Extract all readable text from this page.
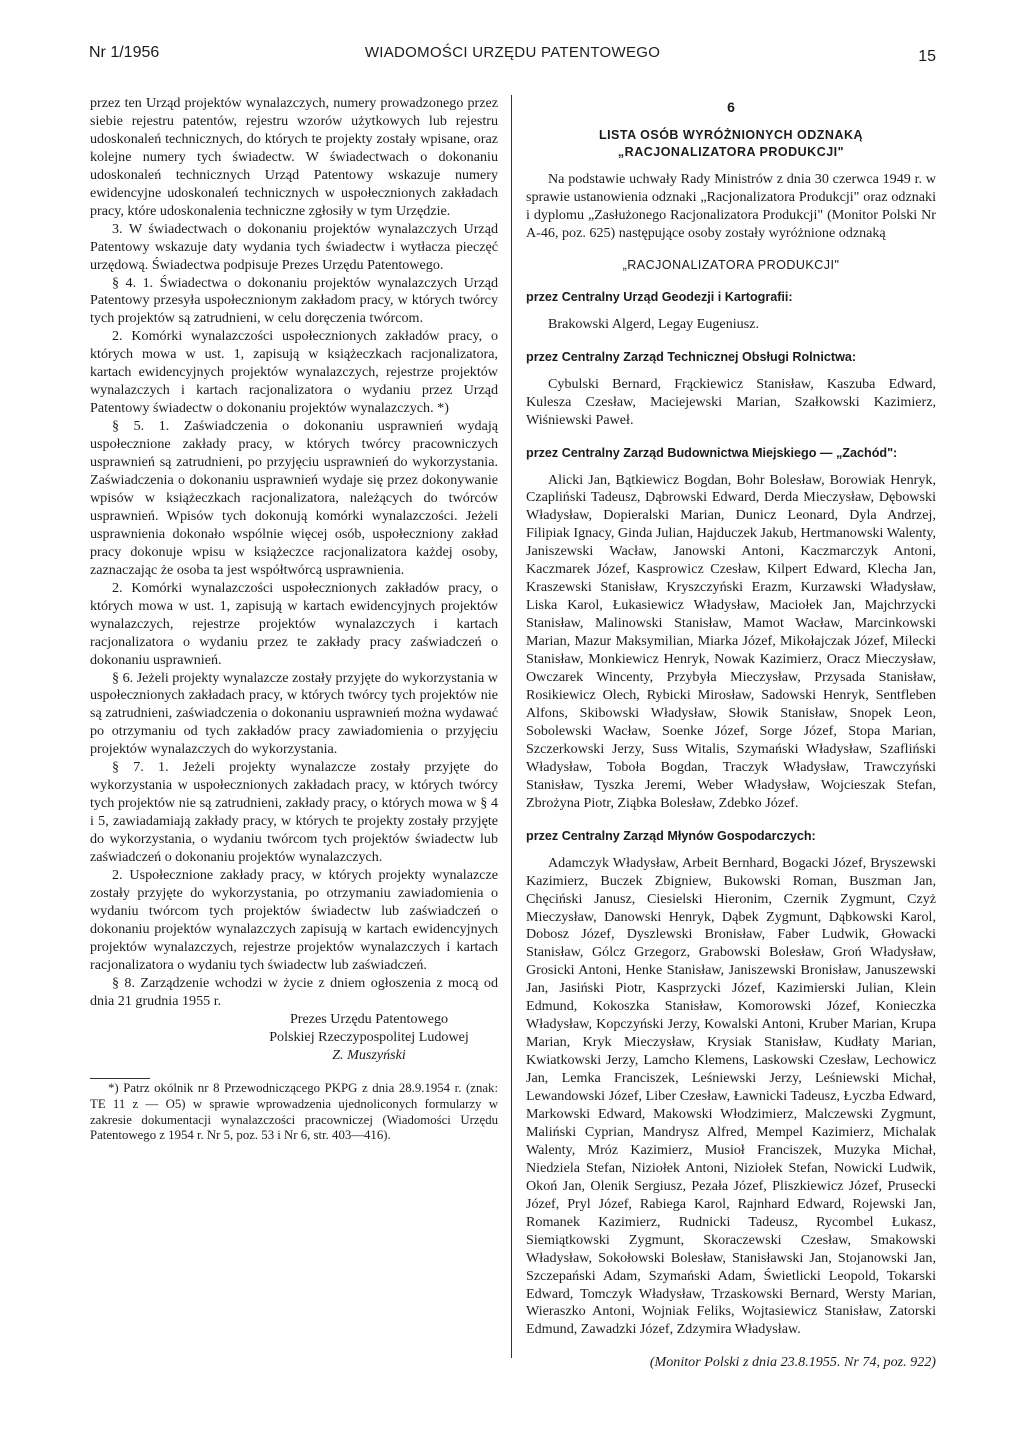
Nr 1/1956	WIADOMOŚCI URZĘDU PATENTOWEGO	15

przez ten Urząd projektów wynalazczych, numery prowadzonego przez siebie rejestru patentów, rejestru wzorów użytkowych lub rejestru udoskonaleń technicznych, do których te projekty zostały wpisane, oraz kolejne numery tych świadectw. W świadectwach o dokonaniu udoskonaleń technicznych Urząd Patentowy wskazuje numery ewidencyjne udoskonaleń technicznych w uspołecznionych zakładach pracy, które udoskonalenia techniczne zgłosiły w tym Urzędzie.

3. W świadectwach o dokonaniu projektów wynalazczych Urząd Patentowy wskazuje daty wydania tych świadectw i wytłacza pieczęć urzędową. Świadectwa podpisuje Prezes Urzędu Patentowego.

§ 4. 1. Świadectwa o dokonaniu projektów wynalazczych Urząd Patentowy przesyła uspołecznionym zakładom pracy, w których twórcy tych projektów są zatrudnieni, w celu doręczenia twórcom.

2. Komórki wynalazczości uspołecznionych zakładów pracy, o których mowa w ust. 1, zapisują w książeczkach racjonalizatora, kartach ewidencyjnych projektów wynalazczych, rejestrze projektów wynalazczych i kartach racjonalizatora o wydaniu przez Urząd Patentowy świadectw o dokonaniu projektów wynalazczych. *)

§ 5. 1. Zaświadczenia o dokonaniu usprawnień wydają uspołecznione zakłady pracy, w których twórcy pracowniczych usprawnień są zatrudnieni, po przyjęciu usprawnień do wykorzystania. Zaświadczenia o dokonaniu usprawnień wydaje się przez dokonywanie wpisów w książeczkach racjonalizatora, należących do twórców usprawnień. Wpisów tych dokonują komórki wynalazczości. Jeżeli usprawnienia dokonało wspólnie więcej osób, uspołeczniony zakład pracy dokonuje wpisu w książeczce racjonalizatora każdej osoby, zaznaczając że osoba ta jest współtwórcą usprawnienia.

2. Komórki wynalazczości uspołecznionych zakładów pracy, o których mowa w ust. 1, zapisują w kartach ewidencyjnych projektów wynalazczych, rejestrze projektów wynalazczych i kartach racjonalizatora o wydaniu przez te zakłady pracy zaświadczeń o dokonaniu usprawnień.

§ 6. Jeżeli projekty wynalazcze zostały przyjęte do wykorzystania w uspołecznionych zakładach pracy, w których twórcy tych projektów nie są zatrudnieni, zaświadczenia o dokonaniu usprawnień można wydawać po otrzymaniu od tych zakładów pracy zawiadomienia o przyjęciu projektów wynalazczych do wykorzystania.

§ 7. 1. Jeżeli projekty wynalazcze zostały przyjęte do wykorzystania w uspołecznionych zakładach pracy, w których twórcy tych projektów nie są zatrudnieni, zakłady pracy, o których mowa w § 4 i 5, zawiadamiają zakłady pracy, w których te projekty zostały przyjęte do wykorzystania, o wydaniu twórcom tych projektów świadectw lub zaświadczeń o dokonaniu projektów wynalazczych.

2. Uspołecznione zakłady pracy, w których projekty wynalazcze zostały przyjęte do wykorzystania, po otrzymaniu zawiadomienia o wydaniu twórcom tych projektów świadectw lub zaświadczeń o dokonaniu projektów wynalazczych zapisują w kartach ewidencyjnych projektów wynalazczych, rejestrze projektów wynalazczych i kartach racjonalizatora o wydaniu tych świadectw lub zaświadczeń.

§ 8. Zarządzenie wchodzi w życie z dniem ogłoszenia z mocą od dnia 21 grudnia 1955 r.

Prezes Urzędu Patentowego
Polskiej Rzeczypospolitej Ludowej
Z. Muszyński

*) Patrz okólnik nr 8 Przewodniczącego PKPG z dnia 28.9.1954 r. (znak: TE 11 z — O5) w sprawie wprowadzenia ujednoliconych formularzy w zakresie dokumentacji wynalazczości pracowniczej (Wiadomości Urzędu Patentowego z 1954 r. Nr 5, poz. 53 i Nr 6, str. 403—416).

6
LISTA OSÓB WYRÓŻNIONYCH ODZNAKĄ
„RACJONALIZATORA PRODUKCJI"

Na podstawie uchwały Rady Ministrów z dnia 30 czerwca 1949 r. w sprawie ustanowienia odznaki „Racjonalizatora Produkcji" oraz odznaki i dyplomu „Zasłużonego Racjonalizatora Produkcji" (Monitor Polski Nr A-46, poz. 625) następujące osoby zostały wyróżnione odznaką

„RACJONALIZATORA PRODUKCJI"
przez Centralny Urząd Geodezji i Kartografii:

Brakowski Algerd, Legay Eugeniusz.

przez Centralny Zarząd Technicznej Obsługi Rolnictwa:

Cybulski Bernard, Frąckiewicz Stanisław, Kaszuba Edward, Kulesza Czesław, Maciejewski Marian, Szałkowski Kazimierz, Wiśniewski Paweł.

przez Centralny Zarząd Budownictwa Miejskiego — „Zachód":

Alicki Jan, Bątkiewicz Bogdan, Bohr Bolesław, Borowiak Henryk, Czapliński Tadeusz, Dąbrowski Edward, Derda Mieczysław, Dębowski Władysław, Dopieralski Marian, Dunicz Leonard, Dyla Andrzej, Filipiak Ignacy, Ginda Julian, Hajduczek Jakub, Hertmanowski Walenty, Janiszewski Wacław, Janowski Antoni, Kaczmarczyk Antoni, Kaczmarek Józef, Kasprowicz Czesław, Kilpert Edward, Klecha Jan, Kraszewski Stanisław, Kryszczyński Erazm, Kurzawski Władysław, Liska Karol, Łukasiewicz Władysław, Maciołek Jan, Majchrzycki Stanisław, Malinowski Stanisław, Mamot Wacław, Marcinkowski Marian, Mazur Maksymilian, Miarka Józef, Mikołajczak Józef, Milecki Stanisław, Monkiewicz Henryk, Nowak Kazimierz, Oracz Mieczysław, Owczarek Wincenty, Przybyła Mieczysław, Przysada Stanisław, Rosikiewicz Olech, Rybicki Mirosław, Sadowski Henryk, Sentfleben Alfons, Skibowski Władysław, Słowik Stanisław, Snopek Leon, Sobolewski Wacław, Soenke Józef, Sorge Józef, Stopa Marian, Szczerkowski Jerzy, Suss Witalis, Szymański Władysław, Szafliński Władysław, Toboła Bogdan, Traczyk Władysław, Trawczyński Stanisław, Tyszka Jeremi, Weber Władysław, Wojcieszak Stefan, Zbrożyna Piotr, Ziąbka Bolesław, Zdebko Józef.

przez Centralny Zarząd Młynów Gospodarczych:

Adamczyk Władysław, Arbeit Bernhard, Bogacki Józef, Bryszewski Kazimierz, Buczek Zbigniew, Bukowski Roman, Buszman Jan, Chęciński Janusz, Ciesielski Hieronim, Czernik Zygmunt, Czyż Mieczysław, Danowski Henryk, Dąbek Zygmunt, Dąbkowski Karol, Dobosz Józef, Dyszlewski Bronisław, Faber Ludwik, Głowacki Stanisław, Gólcz Grzegorz, Grabowski Bolesław, Groń Władysław, Grosicki Antoni, Henke Stanisław, Janiszewski Bronisław, Januszewski Jan, Jasiński Piotr, Kasprzycki Józef, Kazimierski Julian, Klein Edmund, Kokoszka Stanisław, Komorowski Józef, Konieczka Władysław, Kopczyński Jerzy, Kowalski Antoni, Kruber Marian, Krupa Marian, Kryk Mieczysław, Krysiak Stanisław, Kudłaty Marian, Kwiatkowski Jerzy, Lamcho Klemens, Laskowski Czesław, Lechowicz Jan, Lemka Franciszek, Leśniewski Jerzy, Leśniewski Michał, Lewandowski Józef, Liber Czesław, Ławnicki Tadeusz, Łyczba Edward, Markowski Edward, Makowski Włodzimierz, Malczewski Zygmunt, Maliński Cyprian, Mandrysz Alfred, Mempel Kazimierz, Michalak Walenty, Mróz Kazimierz, Musioł Franciszek, Muzyka Michał, Niedziela Stefan, Niziołek Antoni, Niziołek Stefan, Nowicki Ludwik, Okoń Jan, Olenik Sergiusz, Pezała Józef, Pliszkiewicz Józef, Prusecki Józef, Pryl Józef, Rabiega Karol, Rajnhard Edward, Rojewski Jan, Romanek Kazimierz, Rudnicki Tadeusz, Rycombel Łukasz, Siemiątkowski Zygmunt, Skoraczewski Czesław, Smakowski Władysław, Sokołowski Bolesław, Stanisławski Jan, Stojanowski Jan, Szczepański Adam, Szymański Adam, Świetlicki Leopold, Tokarski Edward, Tomczyk Władysław, Trzaskowski Bernard, Wersty Marian, Wieraszko Antoni, Wojniak Feliks, Wojtasiewicz Stanisław, Zatorski Edmund, Zawadzki Józef, Zdzymira Władysław.

(Monitor Polski z dnia 23.8.1955. Nr 74, poz. 922)
